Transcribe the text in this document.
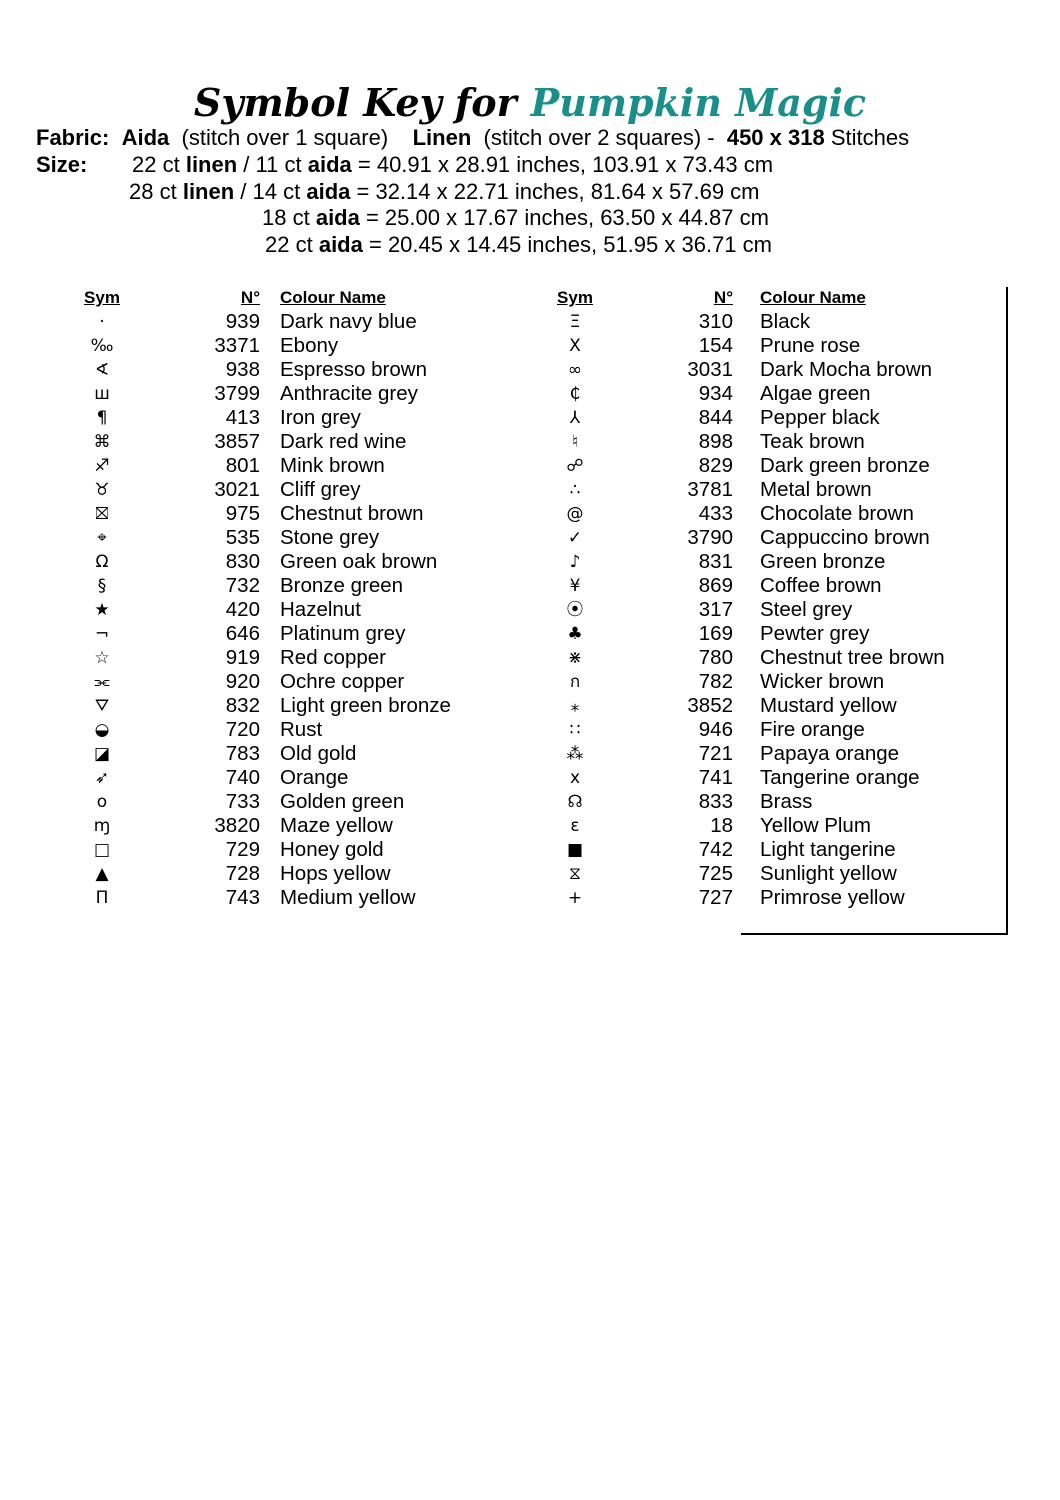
Symbol Key for Pumpkin Magic
Fabric: Aida (stitch over 1 square) Linen (stitch over 2 squares) - 450 x 318 Stitches
Size: 22 ct linen / 11 ct aida = 40.91 x 28.91 inches, 103.91 x 73.43 cm
28 ct linen / 14 ct aida = 32.14 x 22.71 inches, 81.64 x 57.69 cm
18 ct aida = 25.00 x 17.67 inches, 63.50 x 44.87 cm
22 ct aida = 20.45 x 14.45 inches, 51.95 x 36.71 cm
Sym	N° Colour Name
·	939 Dark navy blue
‰	3371 Ebony
∢	938 Espresso brown
ш	3799 Anthracite grey
¶	413 Iron grey
⌘	3857 Dark red wine
♐	801 Mink brown
♉	3021 Cliff grey
⛝	975 Chestnut brown
⌖	535 Stone grey
Ω	830 Green oak brown
§	732 Bronze green
★	420 Hazelnut
¬	646 Platinum grey
☆	919 Red copper
⫘	920 Ochre copper
⛛	832 Light green bronze
◒	720 Rust
◪	783 Old gold
➶	740 Orange
o	733 Golden green
ɱ	3820 Maze yellow
□	729 Honey gold
▲	728 Hops yellow
Π	743 Medium yellow
Sym	N° Colour Name
Ξ	310 Black
X	154 Prune rose
∞	3031 Dark Mocha brown
₵	934 Algae green
⅄	844 Pepper black
♮	898 Teak brown
☍	829 Dark green bronze
∴	3781 Metal brown
@	433 Chocolate brown
✓	3790 Cappuccino brown
♪	831 Green bronze
¥	869 Coffee brown
⦿	317 Steel grey
♣	169 Pewter grey
⋇	780 Chestnut tree brown
ก	782 Wicker brown
⁎	3852 Mustard yellow
∷	946 Fire orange
⁂	721 Papaya orange
x	741 Tangerine orange
☊	833 Brass
ɛ	18 Yellow Plum
■	742 Light tangerine
⧖	725 Sunlight yellow
+	727 Primrose yellow
